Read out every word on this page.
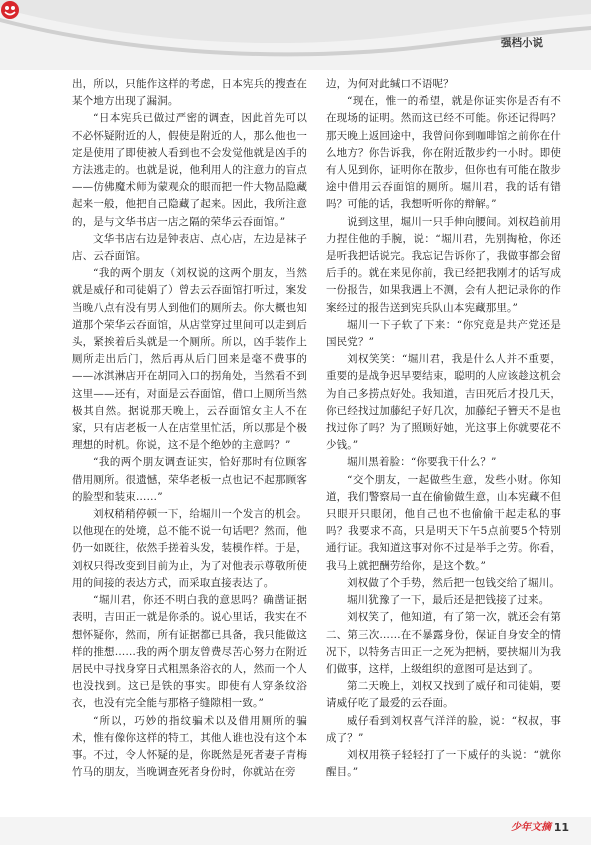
强档小说

出，所以，只能作这样的考虑，日本宪兵的搜查在某个地方出现了漏洞。

“日本宪兵已做过严密的调查，因此首先可以不必怀疑附近的人，假使是附近的人，那么他也一定是使用了即使被人看到也不会发觉他就是凶手的方法逃走的。也就是说，他利用人的注意力的盲点——仿佛魔术师为蒙观众的眼而把一件大物品隐藏起来一般，他把自己隐藏了起来。因此，我所注意的，是与文华书店一店之隔的荣华云吞面馆。”

文华书店右边是钟表店、点心店，左边是袜子店、云吞面馆。

“我的两个朋友（刘权说的这两个朋友，当然就是威仔和司徒娟了）曾去云吞面馆打听过，案发当晚八点有没有男人到他们的厕所去。你大概也知道那个荣华云吞面馆，从店堂穿过里间可以走到后头，紧挨着后头就是一个厕所。所以，凶手装作上厕所走出后门，然后再从后门回来是毫不费事的——冰淇淋店开在胡同入口的拐角处，当然看不到这里——还有，对面是云吞面馆，借口上厕所当然极其自然。据说那天晚上，云吞面馆女主人不在家，只有店老板一人在店堂里忙活，所以那是个极理想的时机。你说，这不是个绝妙的主意吗？”

“我的两个朋友调查证实，恰好那时有位顾客借用厕所。很遗憾，荣华老板一点也记不起那顾客的脸型和装束……”

刘权稍稍停顿一下，给堀川一个发言的机会。以他现在的处境，总不能不说一句话吧？然而，他仍一如既往，依然手搓着头发，装模作样。于是，刘权只得改变到目前为止，为了对他表示尊敬所使用的间接的表达方式，而采取直接表达了。

“堀川君，你还不明白我的意思吗？确凿证据表明，吉田正一就是你杀的。说心里话，我实在不想怀疑你，然而，所有证据都已具备，我只能做这样的推想……我的两个朋友曾费尽苦心努力在附近居民中寻找身穿日式粗黑条浴衣的人，然而一个人也没找到。这已是铁的事实。即使有人穿条纹浴衣，也没有完全能与那格子缝隙相一致。”

“所以，巧妙的指纹骗术以及借用厕所的骗术，惟有像你这样的特工，其他人谁也没有这个本事。不过，令人怀疑的是，你既然是死者妻子青梅竹马的朋友，当晚调查死者身份时，你就站在旁

边，为何对此缄口不语呢？

“现在，惟一的希望，就是你证实你是否有不在现场的证明。然而这已经不可能。你还记得吗？那天晚上返回途中，我曾问你到咖啡馆之前你在什么地方？你告诉我，你在附近散步约一小时。即使有人见到你，证明你在散步，但你也有可能在散步途中借用云吞面馆的厕所。堀川君，我的话有错吗？可能的话，我想听听你的辩解。”

说到这里，堀川一只手伸向腰间。刘权趋前用力捏住他的手腕，说：“堀川君，先别掏枪，你还是听我把话说完。我忘记告诉你了，我做事都会留后手的。就在来见你前，我已经把我刚才的话写成一份报告，如果我遇上不测，会有人把记录你的作案经过的报告送到宪兵队山本宪藏那里。”

堀川一下子软了下来：“你究竟是共产党还是国民党？”

刘权笑笑：“堀川君，我是什么人并不重要，重要的是战争迟早要结束，聪明的人应该趁这机会为自己多捞点好处。我知道，吉田死后才投几天，你已经找过加藤纪子好几次，加藤纪子簪天不是也找过你了吗？为了照顾好她，光这事上你就要花不少钱。”

堀川黑着脸：“你要我干什么？”

“交个朋友，一起做些生意，发些小财。你知道，我们警察局一直在偷偷做生意，山本宪藏不但只眼开只眼闭，他自己也不也偷偷干起走私的事吗？我要求不高，只是明天下午5点前要5个特别通行证。我知道这事对你不过是举手之劳。你看，我马上就把酬劳给你，是这个数。”

刘权做了个手势，然后把一包钱交给了堀川。

堀川犹豫了一下，最后还是把钱接了过来。

刘权笑了，他知道，有了第一次，就还会有第二、第三次……在不暴露身份，保证自身安全的情况下，以特务吉田正一之死为把柄，要挟堀川为我们做事，这样，上级组织的意图可是达到了。

第二天晚上，刘权又找到了威仔和司徒娟，要请威仔吃了最爱的云吞面。

威仔看到刘权喜气洋洋的脸，说：“权叔，事成了？”

刘权用筷子轻轻打了一下威仔的头说：“就你醒目。”

少年文摘 11
